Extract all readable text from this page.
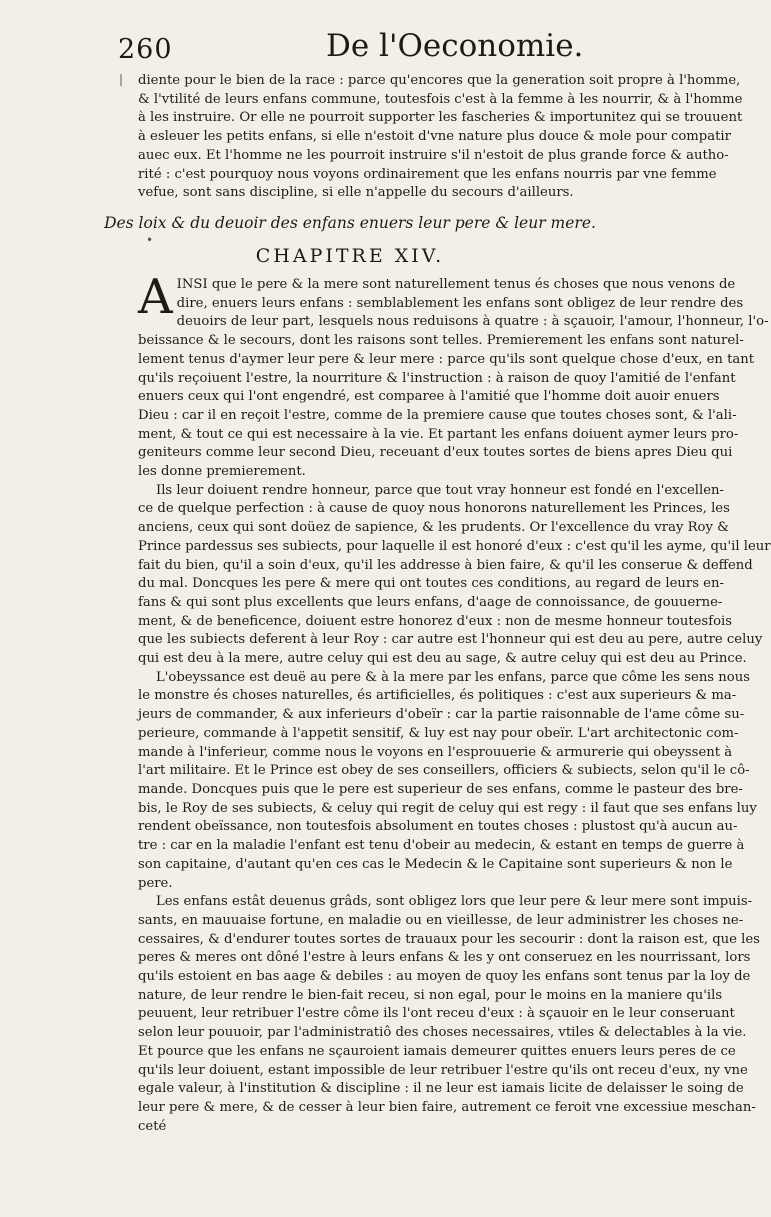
260	De l'Oeconomie.
|
•
diente pour le bien de la race : parce qu'encores que la generation soit propre à l'homme,
& l'vtilité de leurs enfans commune, toutesfois c'est à la femme à les nourrir, & à l'homme
à les instruire. Or elle ne pourroit supporter les fascheries & importunitez qui se trouuent
à esleuer les petits enfans, si elle n'estoit d'vne nature plus douce & mole pour compatir
auec eux. Et l'homme ne les pourroit instruire s'il n'estoit de plus grande force & autho-
rité : c'est pourquoy nous voyons ordinairement que les enfans nourris par vne femme
vefue, sont sans discipline, si elle n'appelle du secours d'ailleurs.
Des loix & du deuoir des enfans enuers leur pere & leur mere.
CHAPITRE XIV.

A INSI que le pere & la mere sont naturellement tenus és choses que nous venons de
dire, enuers leurs enfans : semblablement les enfans sont obligez de leur rendre des
deuoirs de leur part, lesquels nous reduisons à quatre : à sçauoir, l'amour, l'honneur, l'o-
beissance & le secours, dont les raisons sont telles. Premierement les enfans sont naturel-
lement tenus d'aymer leur pere & leur mere : parce qu'ils sont quelque chose d'eux, en tant
qu'ils reçoiuent l'estre, la nourriture & l'instruction : à raison de quoy l'amitié de l'enfant
enuers ceux qui l'ont engendré, est comparee à l'amitié que l'homme doit auoir enuers
Dieu : car il en reçoit l'estre, comme de la premiere cause que toutes choses sont, & l'ali-
ment, & tout ce qui est necessaire à la vie. Et partant les enfans doiuent aymer leurs pro-
geniteurs comme leur second Dieu, receuant d'eux toutes sortes de biens apres Dieu qui
les donne premierement.

Ils leur doiuent rendre honneur, parce que tout vray honneur est fondé en l'excellen-
ce de quelque perfection : à cause de quoy nous honorons naturellement les Princes, les
anciens, ceux qui sont doüez de sapience, & les prudents. Or l'excellence du vray Roy &
Prince pardessus ses subiects, pour laquelle il est honoré d'eux : c'est qu'il les ayme, qu'il leur
fait du bien, qu'il a soin d'eux, qu'il les addresse à bien faire, & qu'il les conserue & deffend
du mal. Doncques les pere & mere qui ont toutes ces conditions, au regard de leurs en-
fans & qui sont plus excellents que leurs enfans, d'aage de connoissance, de gouuerne-
ment, & de beneficence, doiuent estre honorez d'eux : non de mesme honneur toutesfois
que les subiects deferent à leur Roy : car autre est l'honneur qui est deu au pere, autre celuy
qui est deu à la mere, autre celuy qui est deu au sage, & autre celuy qui est deu au Prince.

L'obeyssance est deuë au pere & à la mere par les enfans, parce que côme les sens nous
le monstre és choses naturelles, és artificielles, és politiques : c'est aux superieurs & ma-
jeurs de commander, & aux inferieurs d'obeïr : car la partie raisonnable de l'ame côme su-
perieure, commande à l'appetit sensitif, & luy est nay pour obeïr. L'art architectonic com-
mande à l'inferieur, comme nous le voyons en l'esprouuerie & armurerie qui obeyssent à
l'art militaire. Et le Prince est obey de ses conseillers, officiers & subiects, selon qu'il le cô-
mande. Doncques puis que le pere est superieur de ses enfans, comme le pasteur des bre-
bis, le Roy de ses subiects, & celuy qui regit de celuy qui est regy : il faut que ses enfans luy
rendent obeïssance, non toutesfois absolument en toutes choses : plustost qu'à aucun au-
tre : car en la maladie l'enfant est tenu d'obeir au medecin, & estant en temps de guerre à
son capitaine, d'autant qu'en ces cas le Medecin & le Capitaine sont superieurs & non le
pere.

Les enfans estât deuenus grâds, sont obligez lors que leur pere & leur mere sont impuis-
sants, en mauuaise fortune, en maladie ou en vieillesse, de leur administrer les choses ne-
cessaires, & d'endurer toutes sortes de trauaux pour les secourir : dont la raison est, que les
peres & meres ont dôné l'estre à leurs enfans & les y ont conseruez en les nourrissant, lors
qu'ils estoient en bas aage & debiles : au moyen de quoy les enfans sont tenus par la loy de
nature, de leur rendre le bien-fait receu, si non egal, pour le moins en la maniere qu'ils
peuuent, leur retribuer l'estre côme ils l'ont receu d'eux : à sçauoir en le leur conseruant
selon leur pouuoir, par l'administratiô des choses necessaires, vtiles & delectables à la vie.
Et pource que les enfans ne sçauroient iamais demeurer quittes enuers leurs peres de ce
qu'ils leur doiuent, estant impossible de leur retribuer l'estre qu'ils ont receu d'eux, ny vne
egale valeur, à l'institution & discipline : il ne leur est iamais licite de delaisser le soing de
leur pere & mere, & de cesser à leur bien faire, autrement ce feroit vne excessiue meschan-
ceté
